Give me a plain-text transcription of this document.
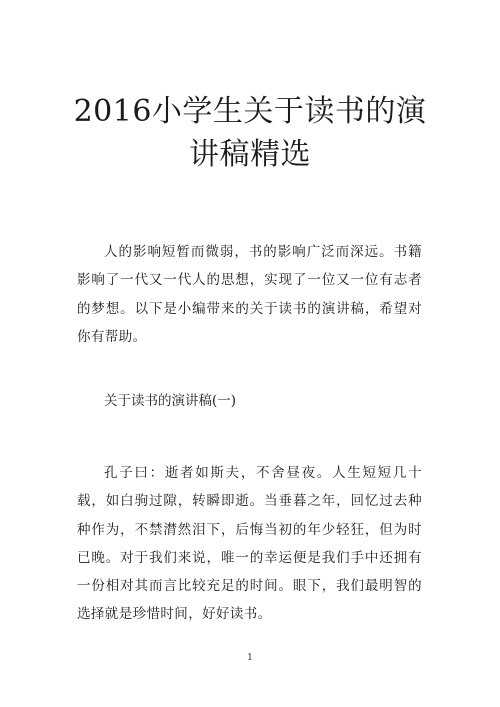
2016小学生关于读书的演
讲稿精选

人的影响短暂而微弱，书的影响广泛而深远。书籍影响了一代又一代人的思想，实现了一位又一位有志者的梦想。以下是小编带来的关于读书的演讲稿，希望对你有帮助。

关于读书的演讲稿(一)

孔子曰：逝者如斯夫，不舍昼夜。人生短短几十载，如白驹过隙，转瞬即逝。当垂暮之年，回忆过去种种作为，不禁潸然泪下，后悔当初的年少轻狂，但为时已晚。对于我们来说，唯一的幸运便是我们手中还拥有一份相对其而言比较充足的时间。眼下，我们最明智的选择就是珍惜时间，好好读书。

1
